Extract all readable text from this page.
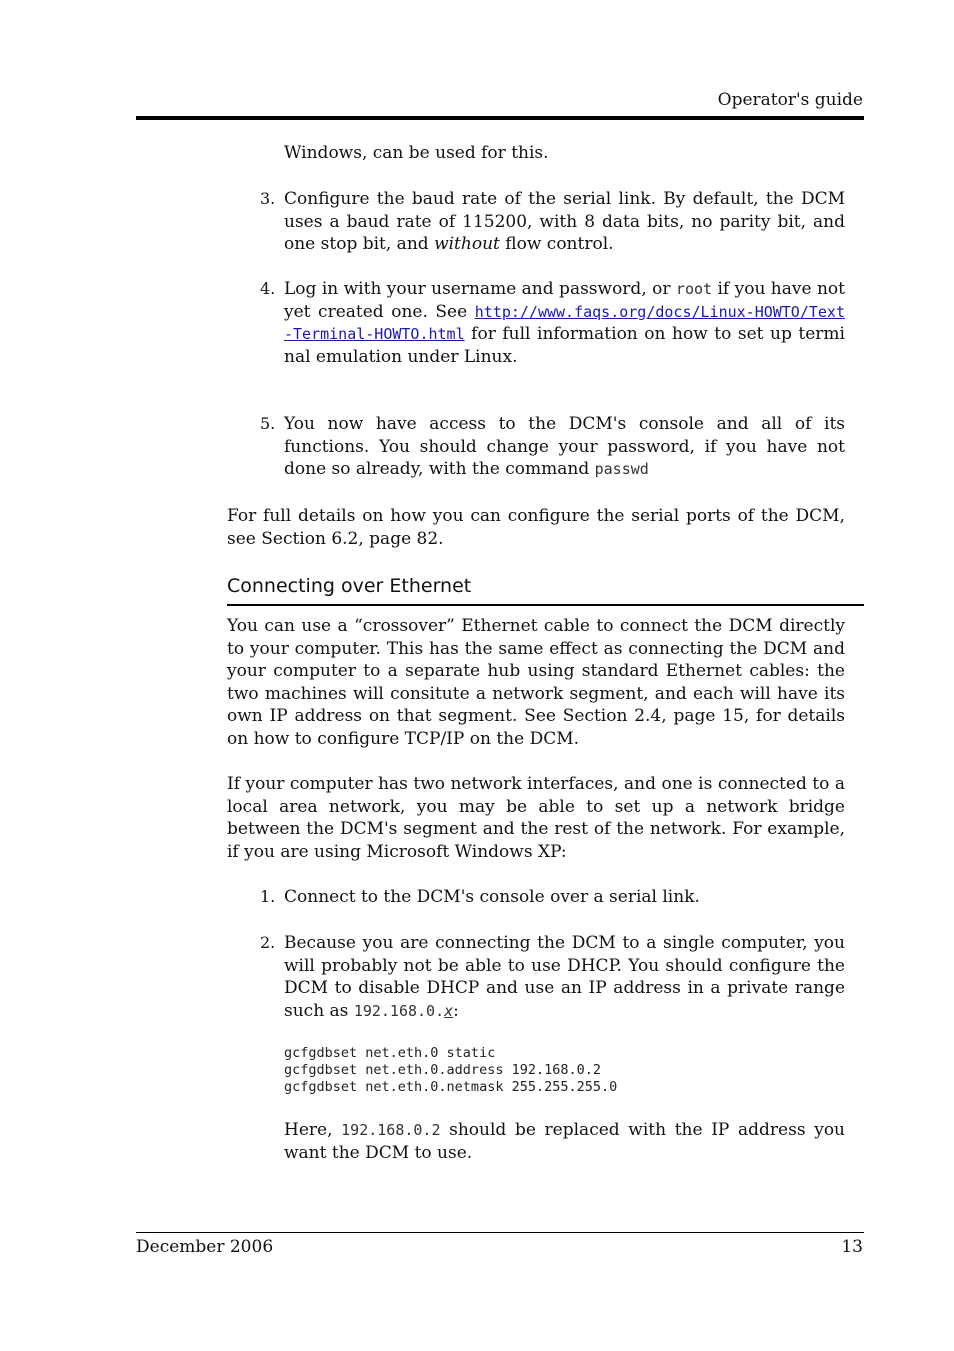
Operator's guide
Windows, can be used for this.
3. Configure the baud rate of the serial link. By default, the DCM uses a baud rate of 115200, with 8 data bits, no parity bit, and one stop bit, and without flow control.
4. Log in with your username and password, or root if you have not yet created one. See http://www.faqs.org/docs/Linux-HOWTO/Text-Terminal-HOWTO.html for full information on how to set up terminal emulation under Linux.
5. You now have access to the DCM's console and all of its functions. You should change your password, if you have not done so already, with the command passwd
For full details on how you can configure the serial ports of the DCM, see Section 6.2, page 82.
Connecting over Ethernet
You can use a “crossover” Ethernet cable to connect the DCM directly to your computer. This has the same effect as connecting the DCM and your computer to a separate hub using standard Ethernet cables: the two machines will consitute a network segment, and each will have its own IP address on that segment. See Section 2.4, page 15, for details on how to configure TCP/IP on the DCM.
If your computer has two network interfaces, and one is connected to a local area network, you may be able to set up a network bridge between the DCM's segment and the rest of the network. For example, if you are using Microsoft Windows XP:
1. Connect to the DCM's console over a serial link.
2. Because you are connecting the DCM to a single computer, you will probably not be able to use DHCP. You should configure the DCM to disable DHCP and use an IP address in a private range such as 192.168.0.x:
gcfgdbset net.eth.0 static
gcfgdbset net.eth.0.address 192.168.0.2
gcfgdbset net.eth.0.netmask 255.255.255.0
Here, 192.168.0.2 should be replaced with the IP address you want the DCM to use.
December 2006	13
